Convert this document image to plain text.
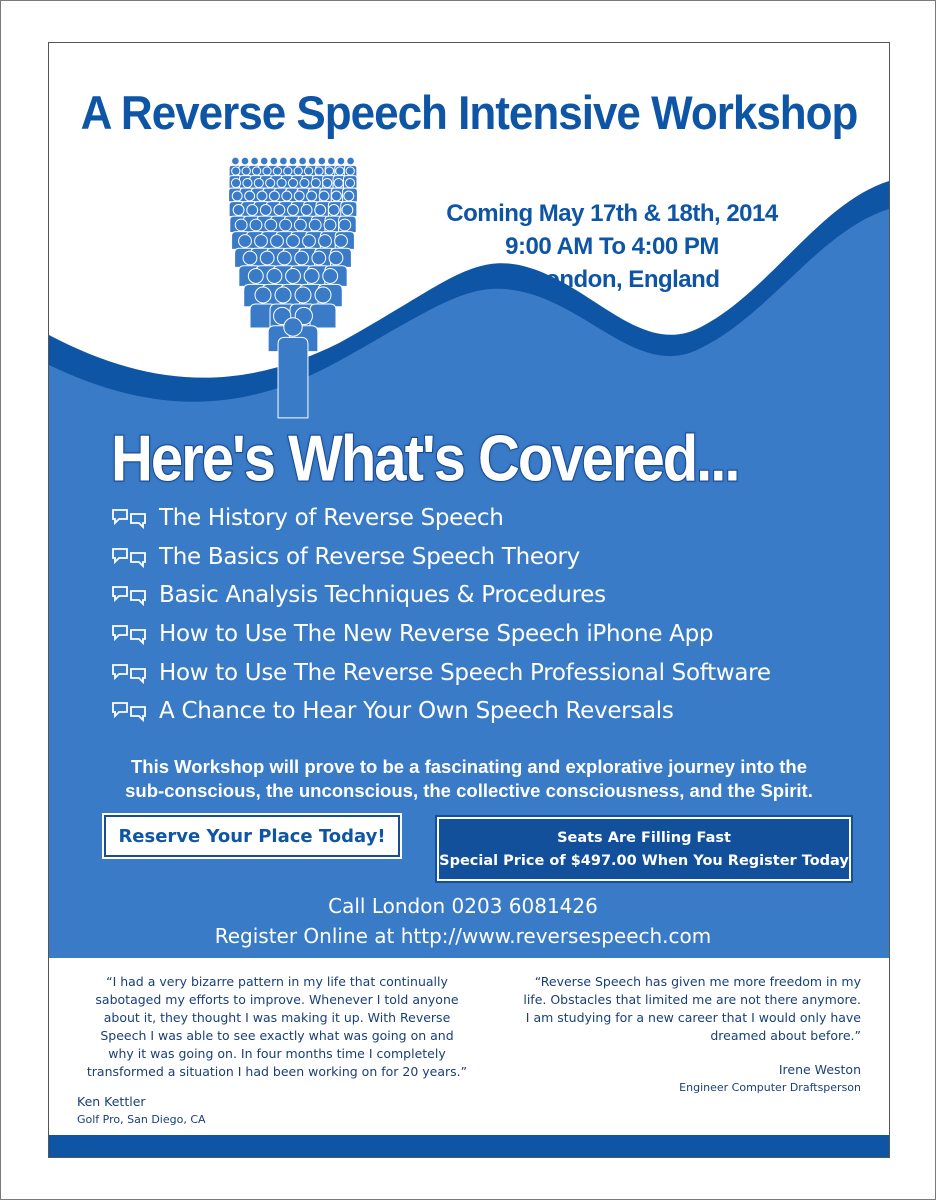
A Reverse Speech Intensive Workshop
Coming May 17th & 18th, 2014
9:00 AM To 4:00 PM
In London, England
Here's What's Covered...
The History of Reverse Speech
The Basics of Reverse Speech Theory
Basic Analysis Techniques & Procedures
How to Use The New Reverse Speech iPhone App
How to Use The Reverse Speech Professional Software
A Chance to Hear Your Own Speech Reversals
This Workshop will prove to be a fascinating and explorative journey into the
sub-conscious, the unconscious, the collective consciousness, and the Spirit.
Reserve Your Place Today!	Seats Are Filling Fast
Special Price of $497.00 When You Register Today
Call London 0203 6081426
Register Online at http://www.reversespeech.com
“I had a very bizarre pattern in my life that continually
sabotaged my efforts to improve. Whenever I told anyone
about it, they thought I was making it up. With Reverse
Speech I was able to see exactly what was going on and
why it was going on. In four months time I completely
transformed a situation I had been working on for 20 years.”
Ken Kettler
Golf Pro, San Diego, CA
“Reverse Speech has given me more freedom in my
life. Obstacles that limited me are not there anymore.
I am studying for a new career that I would only have
dreamed about before.”
Irene Weston
Engineer Computer Draftsperson
